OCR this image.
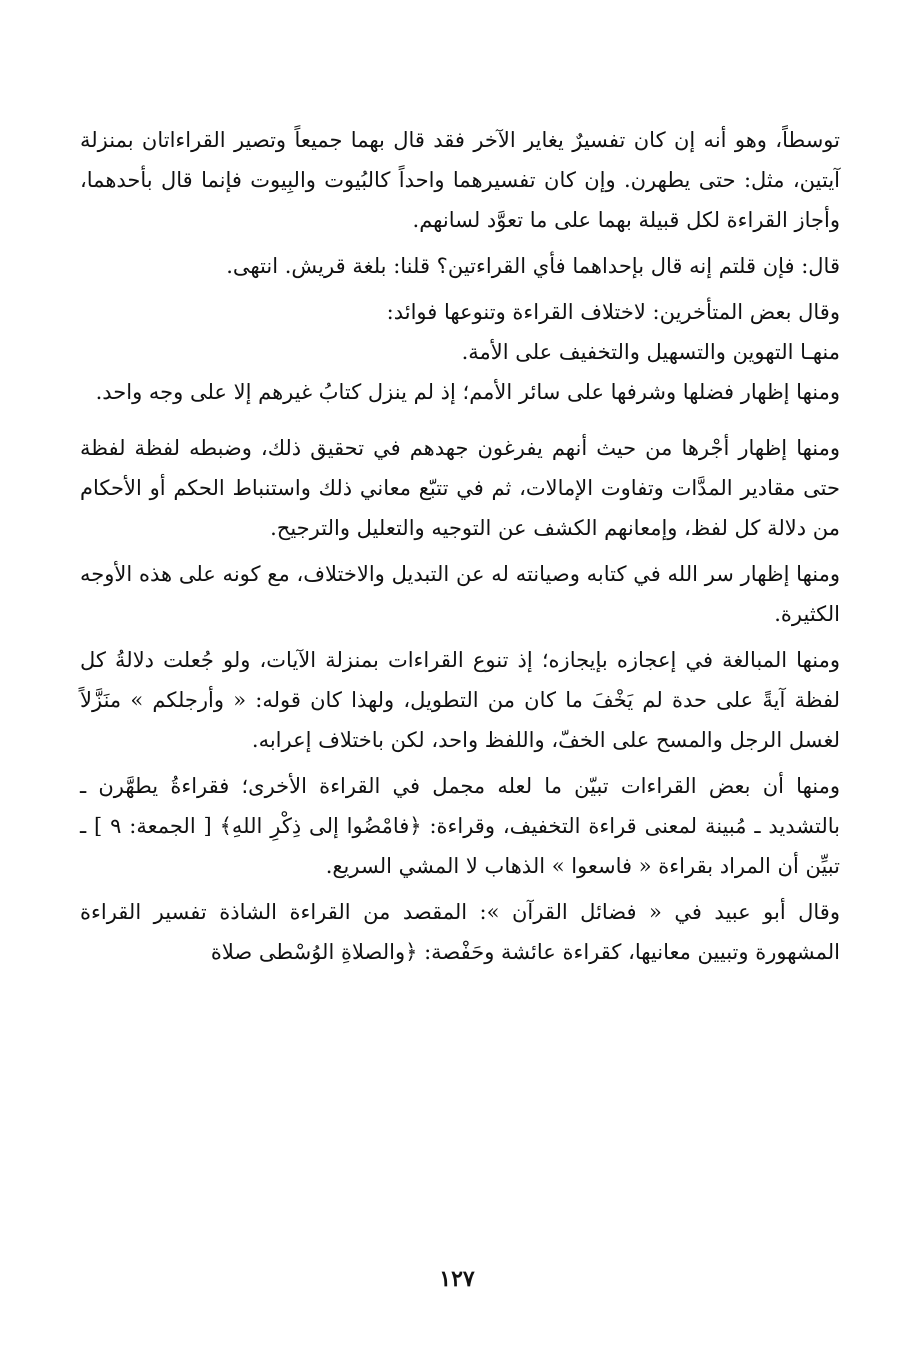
توسطاً، وهو أنه إن كان تفسيرٌ يغاير الآخر فقد قال بهما جميعاً وتصير القراءاتان بمنزلة آيتين، مثل: حتى يطهرن. وإن كان تفسيرهما واحداً كالبُيوت والبِيوت فإنما قال بأحدهما، وأجاز القراءة لكل قبيلة بهما على ما تعوَّد لسانهم.

قال: فإن قلتم إنه قال بإحداهما فأي القراءتين؟ قلنا: بلغة قريش. انتهى.

وقال بعض المتأخرين: لاختلاف القراءة وتنوعها فوائد:

منهـا التهوين والتسهيل والتخفيف على الأمة.

ومنها إظهار فضلها وشرفها على سائر الأمم؛ إذ لم ينزل كتابُ غيرهم إلا على وجه واحد.

ومنها إظهار أجْرها من حيث أنهم يفرغون جهدهم في تحقيق ذلك، وضبطه لفظة لفظة حتى مقادير المدَّات وتفاوت الإمالات، ثم في تتبّع معاني ذلك واستنباط الحكم أو الأحكام من دلالة كل لفظ، وإمعانهم الكشف عن التوجيه والتعليل والترجيح.

ومنها إظهار سر الله في كتابه وصيانته له عن التبديل والاختلاف، مع كونه على هذه الأوجه الكثيرة.

ومنها المبالغة في إعجازه بإيجازه؛ إذ تنوع القراءات بمنزلة الآيات، ولو جُعلت دلالةُ كل لفظة آيةً على حدة لم يَخْفَ ما كان من التطويل، ولهذا كان قوله: « وأرجلكم » منَزَّلاً لغسل الرجل والمسح على الخفّ، واللفظ واحد، لكن باختلاف إعرابه.

ومنها أن بعض القراءات تبيّن ما لعله مجمل في القراءة الأخرى؛ فقراءةُ يطهَّرن ـ بالتشديد ـ مُبينة لمعنى قراءة التخفيف، وقراءة: ﴿فامْضُوا إلى ذِكْرِ اللهِ﴾ [ الجمعة: ٩ ] ـ تبيِّن أن المراد بقراءة « فاسعوا » الذهاب لا المشي السريع.

وقال أبو عبيد في « فضائل القرآن »: المقصد من القراءة الشاذة تفسير القراءة المشهورة وتبيين معانيها، كقراءة عائشة وحَفْصة: ﴿والصلاةِ الوُسْطى صلاة

١٢٧
